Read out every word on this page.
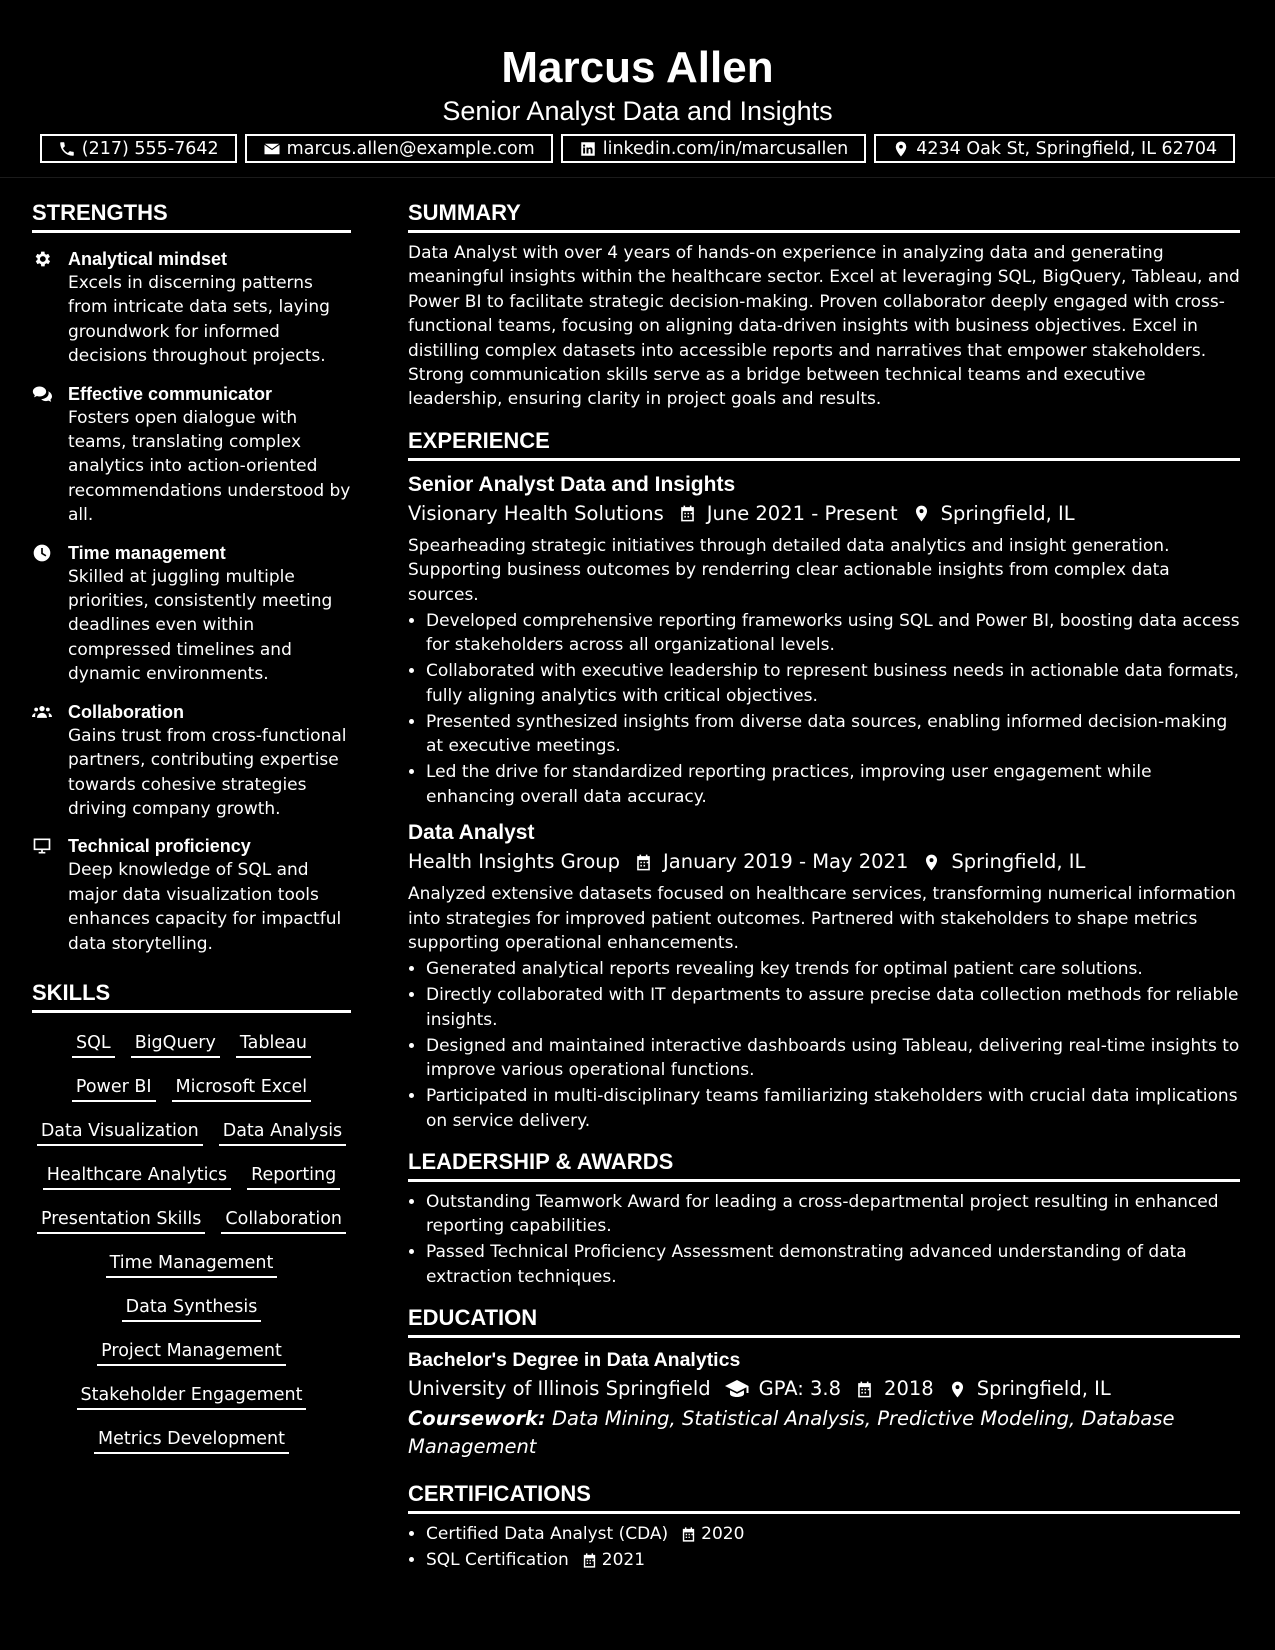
Marcus Allen

Senior Analyst Data and Insights

(217) 555-7642	marcus.allen@example.com	linkedin.com/in/marcusallen	4234 Oak St, Springfield, IL 62704
STRENGTHS
Analytical mindset
Excels in discerning patterns from intricate data sets, laying groundwork for informed decisions throughout projects.
Effective communicator
Fosters open dialogue with teams, translating complex analytics into action-oriented recommendations understood by all.
Time management
Skilled at juggling multiple priorities, consistently meeting deadlines even within compressed timelines and dynamic environments.
Collaboration
Gains trust from cross-functional partners, contributing expertise towards cohesive strategies driving company growth.
Technical proficiency
Deep knowledge of SQL and major data visualization tools enhances capacity for impactful data storytelling.
SKILLS
SQL BigQuery Tableau
Power BI Microsoft Excel
Data Visualization Data Analysis
Healthcare Analytics Reporting
Presentation Skills Collaboration
Time Management
Data Synthesis
Project Management
Stakeholder Engagement
Metrics Development
SUMMARY

Data Analyst with over 4 years of hands-on experience in analyzing data and generating meaningful insights within the healthcare sector. Excel at leveraging SQL, BigQuery, Tableau, and Power BI to facilitate strategic decision-making. Proven collaborator deeply engaged with cross-functional teams, focusing on aligning data-driven insights with business objectives. Excel in distilling complex datasets into accessible reports and narratives that empower stakeholders. Strong communication skills serve as a bridge between technical teams and executive leadership, ensuring clarity in project goals and results.

EXPERIENCE
Senior Analyst Data and Insights
Visionary Health Solutions June 2021 - Present Springfield, IL

Spearheading strategic initiatives through detailed data analytics and insight generation. Supporting business outcomes by renderring clear actionable insights from complex data sources.

• Developed comprehensive reporting frameworks using SQL and Power BI, boosting data access for stakeholders across all organizational levels.
• Collaborated with executive leadership to represent business needs in actionable data formats, fully aligning analytics with critical objectives.
• Presented synthesized insights from diverse data sources, enabling informed decision-making at executive meetings.
• Led the drive for standardized reporting practices, improving user engagement while enhancing overall data accuracy.
Data Analyst
Health Insights Group January 2019 - May 2021 Springfield, IL

Analyzed extensive datasets focused on healthcare services, transforming numerical information into strategies for improved patient outcomes. Partnered with stakeholders to shape metrics supporting operational enhancements.

• Generated analytical reports revealing key trends for optimal patient care solutions.
• Directly collaborated with IT departments to assure precise data collection methods for reliable insights.
• Designed and maintained interactive dashboards using Tableau, delivering real-time insights to improve various operational functions.
• Participated in multi-disciplinary teams familiarizing stakeholders with crucial data implications on service delivery.
LEADERSHIP & AWARDS
• Outstanding Teamwork Award for leading a cross-departmental project resulting in enhanced reporting capabilities.
• Passed Technical Proficiency Assessment demonstrating advanced understanding of data extraction techniques.
EDUCATION
Bachelor's Degree in Data Analytics
University of Illinois Springfield GPA: 3.8 2018 Springfield, IL

Coursework: Data Mining, Statistical Analysis, Predictive Modeling, Database Management

CERTIFICATIONS
• Certified Data Analyst (CDA) 2020
• SQL Certification 2021
